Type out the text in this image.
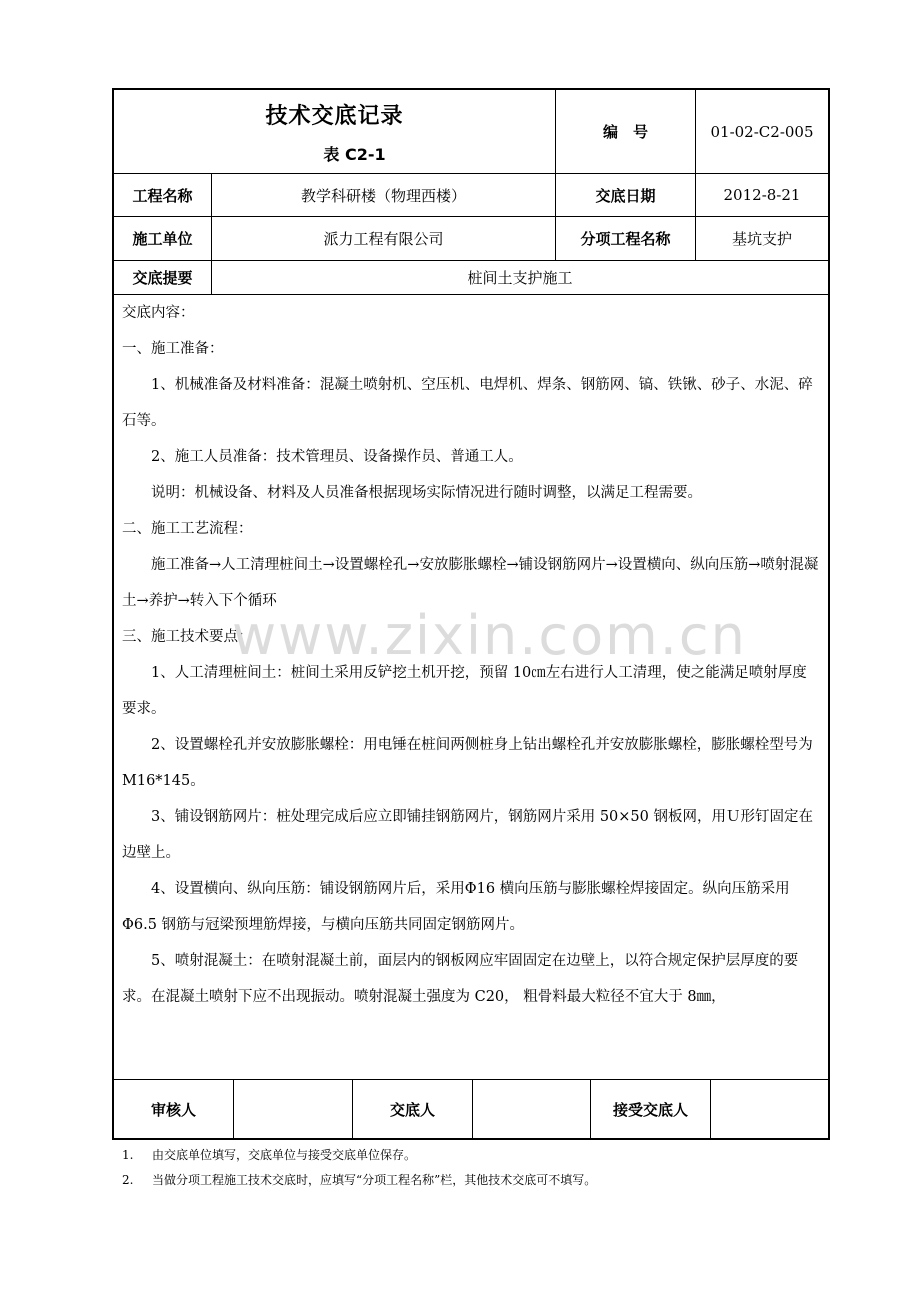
技术交底记录
表 C2-1
编　号	01-02-C2-005
工程名称	教学科研楼（物理西楼）	交底日期	2012-8-21
施工单位	派力工程有限公司	分项工程名称	基坑支护
交底提要	桩间土支护施工

交底内容：

一、施工准备：

1、机械准备及材料准备：混凝土喷射机、空压机、电焊机、焊条、钢筋网、镐、铁锹、砂子、水泥、碎石等。

2、施工人员准备：技术管理员、设备操作员、普通工人。

说明：机械设备、材料及人员准备根据现场实际情况进行随时调整，以满足工程需要。

二、施工工艺流程：

施工准备→人工清理桩间土→设置螺栓孔→安放膨胀螺栓→铺设钢筋网片→设置横向、纵向压筋→喷射混凝土→养护→转入下个循环

三、施工技术要点：

1、人工清理桩间土：桩间土采用反铲挖土机开挖，预留 10㎝左右进行人工清理，使之能满足喷射厚度要求。

2、设置螺栓孔并安放膨胀螺栓：用电锤在桩间两侧桩身上钻出螺栓孔并安放膨胀螺栓，膨胀螺栓型号为 M16*145。

3、铺设钢筋网片：桩处理完成后应立即铺挂钢筋网片，钢筋网片采用 50×50 钢板网，用Ｕ形钉固定在边壁上。

4、设置横向、纵向压筋：铺设钢筋网片后，采用Φ16 横向压筋与膨胀螺栓焊接固定。纵向压筋采用Φ6.5 钢筋与冠梁预埋筋焊接，与横向压筋共同固定钢筋网片。

5、喷射混凝土：在喷射混凝土前，面层内的钢板网应牢固固定在边壁上，以符合规定保护层厚度的要求。在混凝土喷射下应不出现振动。喷射混凝土强度为 C20， 粗骨料最大粒径不宜大于 8㎜，

审核人	交底人	接受交底人
www.zixin.com.cn
1. 由交底单位填写，交底单位与接受交底单位保存。
2. 当做分项工程施工技术交底时，应填写“分项工程名称”栏，其他技术交底可不填写。
